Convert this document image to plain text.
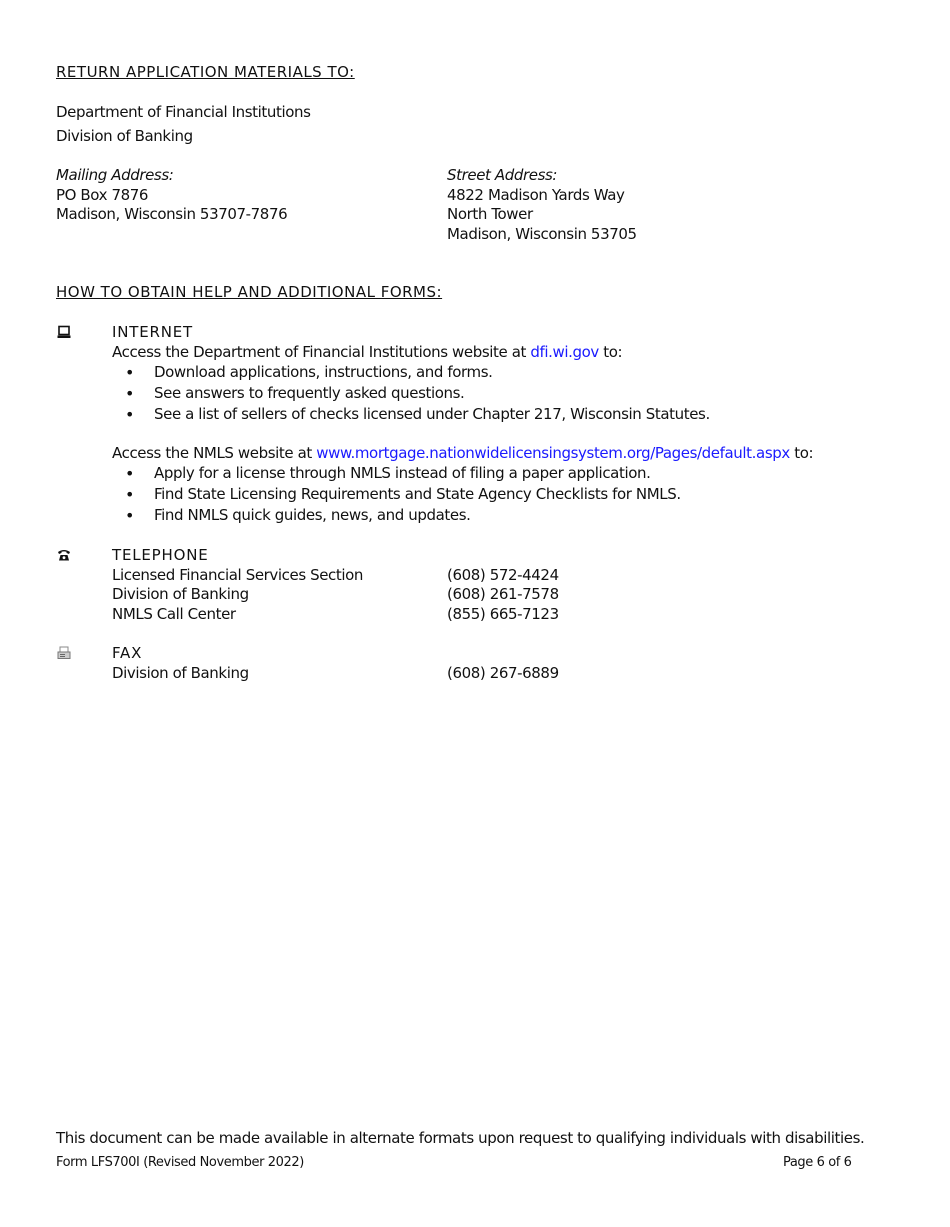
RETURN APPLICATION MATERIALS TO:
Department of Financial Institutions
Division of Banking
Mailing Address:
PO Box 7876
Madison, Wisconsin 53707-7876
Street Address:
4822 Madison Yards Way
North Tower
Madison, Wisconsin 53705
HOW TO OBTAIN HELP AND ADDITIONAL FORMS:
INTERNET
Access the Department of Financial Institutions website at dfi.wi.gov to:
• Download applications, instructions, and forms.
• See answers to frequently asked questions.
• See a list of sellers of checks licensed under Chapter 217, Wisconsin Statutes.
Access the NMLS website at www.mortgage.nationwidelicensingsystem.org/Pages/default.aspx to:
• Apply for a license through NMLS instead of filing a paper application.
• Find State Licensing Requirements and State Agency Checklists for NMLS.
• Find NMLS quick guides, news, and updates.
TELEPHONE
Licensed Financial Services Section	(608) 572-4424
Division of Banking	(608) 261-7578
NMLS Call Center	(855) 665-7123
FAX
Division of Banking	(608) 267-6889
This document can be made available in alternate formats upon request to qualifying individuals with disabilities.
Form LFS700I (Revised November 2022)	Page 6 of 6
